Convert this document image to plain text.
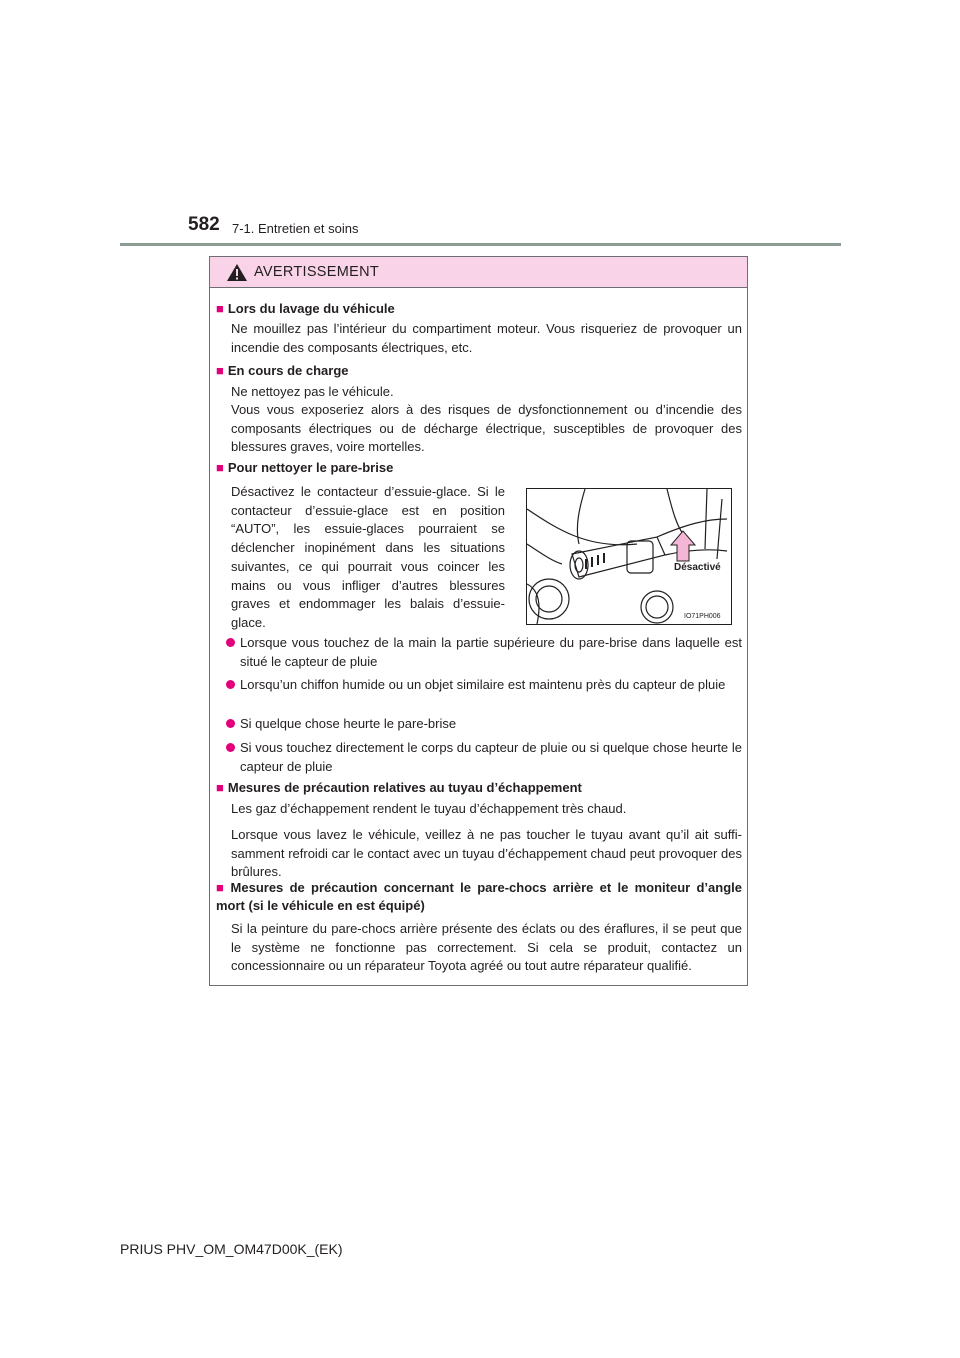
582 7-1. Entretien et soins
AVERTISSEMENT
■ Lors du lavage du véhicule
Ne mouillez pas l’intérieur du compartiment moteur. Vous risqueriez de provoquer un incendie des composants électriques, etc.
■ En cours de charge
Ne nettoyez pas le véhicule.
Vous vous exposeriez alors à des risques de dysfonctionnement ou d’incendie des composants électriques ou de décharge électrique, susceptibles de provoquer des blessures graves, voire mortelles.
■ Pour nettoyer le pare-brise
Désactivez le contacteur d’essuie-glace. Si le contacteur d’essuie-glace est en position “AUTO”, les essuie-glaces pourraient se déclencher inopinément dans les situations suivantes, ce qui pourrait vous coincer les mains ou vous infliger d’autres blessures graves et endommager les balais d’essuie-glace.
Désactivé
IO71PH006
Lorsque vous touchez de la main la partie supérieure du pare-brise dans laquelle est situé le capteur de pluie
Lorsqu’un chiffon humide ou un objet similaire est maintenu près du capteur de pluie
Si quelque chose heurte le pare-brise
Si vous touchez directement le corps du capteur de pluie ou si quelque chose heurte le capteur de pluie
■ Mesures de précaution relatives au tuyau d’échappement
Les gaz d’échappement rendent le tuyau d’échappement très chaud.
Lorsque vous lavez le véhicule, veillez à ne pas toucher le tuyau avant qu’il ait suffi-samment refroidi car le contact avec un tuyau d’échappement chaud peut provoquer des brûlures.
■ Mesures de précaution concernant le pare-chocs arrière et le moniteur d’angle mort (si le véhicule en est équipé)
Si la peinture du pare-chocs arrière présente des éclats ou des éraflures, il se peut que le système ne fonctionne pas correctement. Si cela se produit, contactez un concessionnaire ou un réparateur Toyota agréé ou tout autre réparateur qualifié.
PRIUS PHV_OM_OM47D00K_(EK)
